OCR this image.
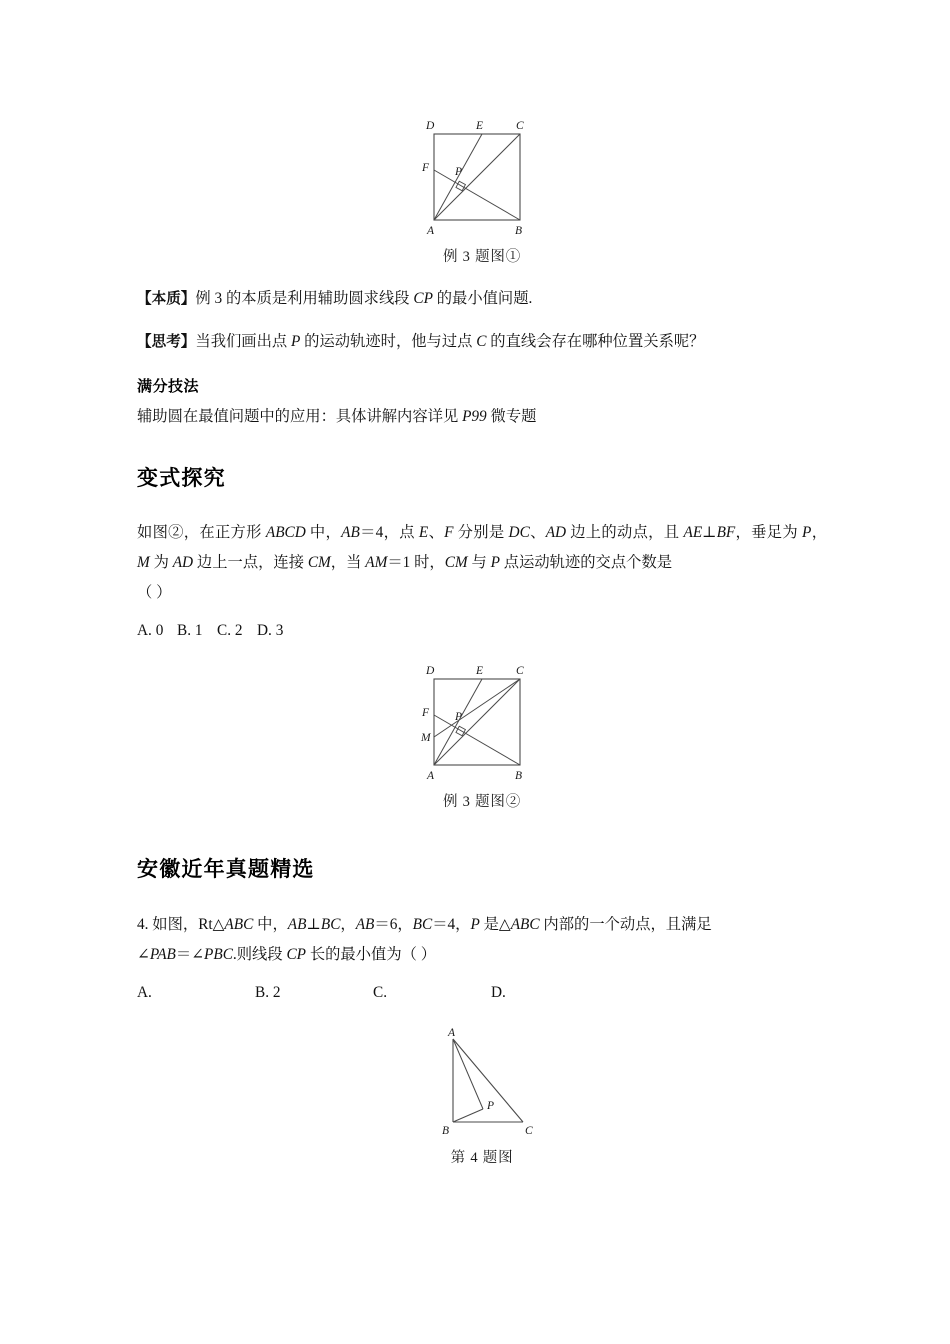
D	E	C
F P
A	B
例 3 题图①

【本质】例 3 的本质是利用辅助圆求线段 CP 的最小值问题.

【思考】当我们画出点 P 的运动轨迹时，他与过点 C 的直线会存在哪种位置关系呢？

满分技法

辅助圆在最值问题中的应用：具体讲解内容详见 P99 微专题

变式探究

如图②，在正方形 ABCD 中，AB＝4，点 E、F 分别是 DC、AD 边上的动点，且 AE⊥BF，垂足为 P，M 为 AD 边上一点，连接 CM，当 AM＝1 时，CM 与 P 点运动轨迹的交点个数是
（ ）

A. 0 B. 1 C. 2 D. 3

D	E	C
F P
M
A	B
例 3 题图②
安徽近年真题精选

4. 如图，Rt△ABC 中，AB⊥BC，AB＝6，BC＝4，P 是△ABC 内部的一个动点，且满足
∠PAB＝∠PBC.则线段 CP 长的最小值为（ ）

A.	B. 2	C.	D.

A
B
P
C
第 4 题图
